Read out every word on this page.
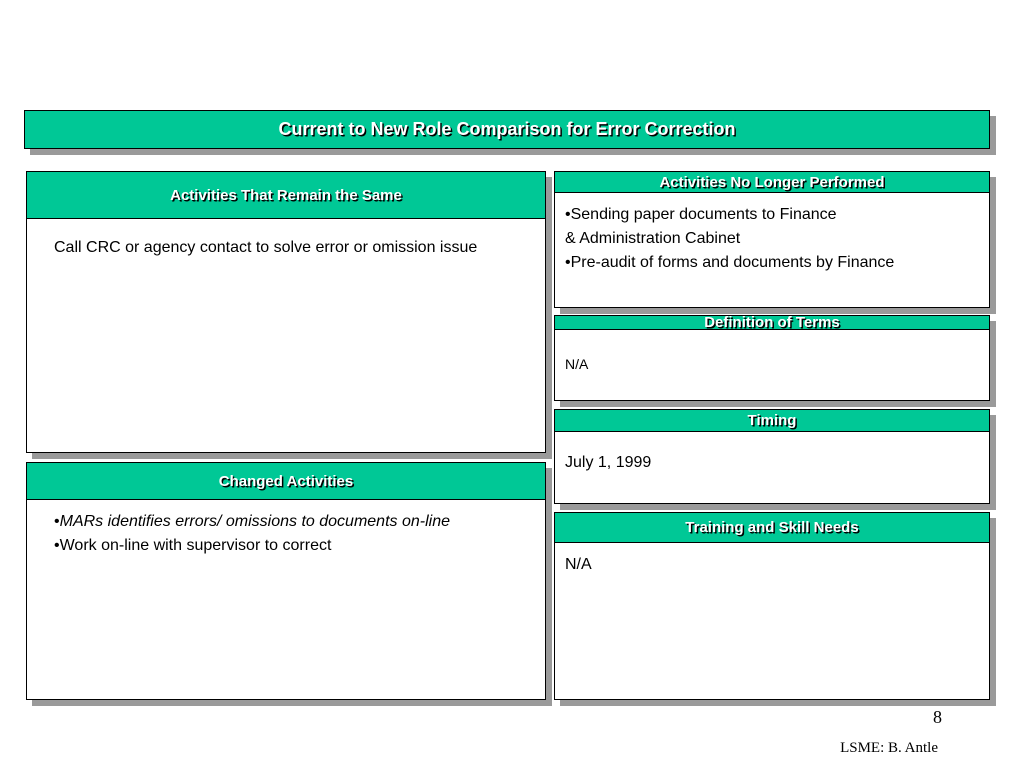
Current to New Role Comparison for Error Correction
Activities That Remain the Same
Call CRC or agency contact to solve error or omission issue
Changed Activities
•MARs identifies errors/ omissions to documents on-line
•Work on-line with supervisor to correct
Activities No Longer Performed
•Sending paper documents to Finance
& Administration Cabinet
•Pre-audit of forms and documents by Finance
Definition of Terms
N/A
Timing
July 1, 1999
Training and Skill Needs
N/A
8
LSME: B. Antle
